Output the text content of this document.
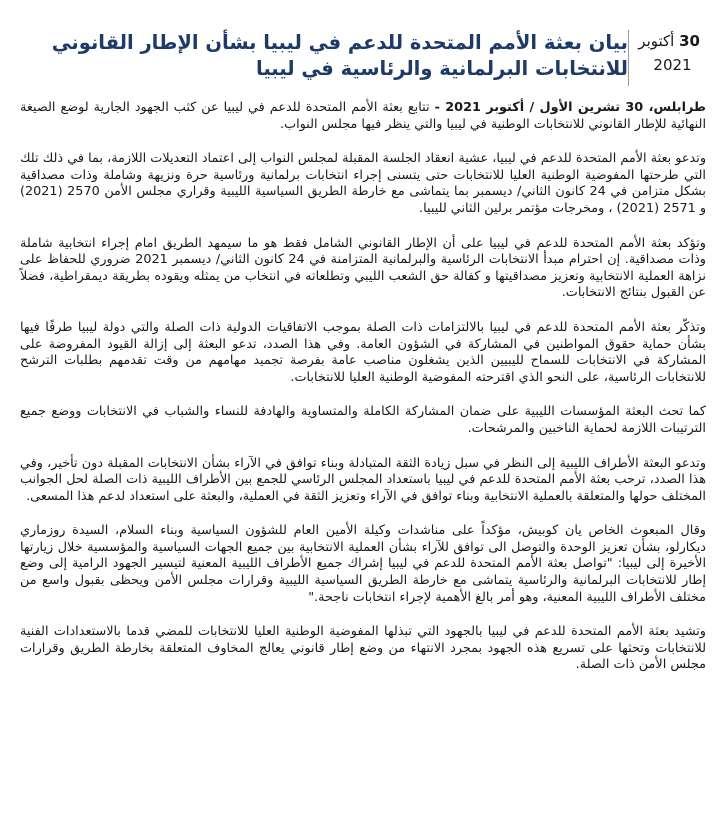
30 أكتوبر
2021
بيان بعثة الأمم المتحدة للدعم في ليبيا بشأن الإطار القانوني للانتخابات البرلمانية والرئاسية في ليبيا

طرابلس، 30 تشرين الأول / أكتوبر 2021 - تتابع بعثة الأمم المتحدة للدعم في ليبيا عن كثب الجهود الجارية لوضع الصيغة النهائية للإطار القانوني للانتخابات الوطنية في ليبيا والتي ينظر فيها مجلس النواب.

وتدعو بعثة الأمم المتحدة للدعم في ليبيا، عشية انعقاد الجلسة المقبلة لمجلس النواب إلى اعتماد التعديلات اللازمة، بما في ذلك تلك التي طرحتها المفوضية الوطنية العليا للانتخابات حتى يتسنى إجراء انتخابات برلمانية ورئاسية حرة ونزيهة وشاملة وذات مصداقية بشكل متزامن في 24 كانون الثاني/ ديسمبر بما يتماشى مع خارطة الطريق السياسية الليبية وقراري مجلس الأمن 2570 (2021) و 2571 (2021) ، ومخرجات مؤتمر برلين الثاني لليبيا.

وتؤكد بعثة الأمم المتحدة للدعم في ليبيا على أن الإطار القانوني الشامل فقط هو ما سيمهد الطريق امام إجراء انتخابية شاملة وذات مصداقية. إن احترام مبدأ الانتخابات الرئاسية والبرلمانية المتزامنة في 24 كانون الثاني/ ديسمبر 2021 ضروري للحفاظ على نزاهة العملية الانتخابية وتعزيز مصداقيتها و كفالة حق الشعب الليبي وتطلعاته في انتخاب من يمثله ويقوده بطريقة ديمقراطية، فضلاً عن القبول بنتائج الانتخابات.

وتذكّر بعثة الأمم المتحدة للدعم في ليبيا بالالتزامات ذات الصلة بموجب الاتفاقيات الدولية ذات الصلة والتي دولة ليبيا طرفًا فيها بشأن حماية حقوق المواطنين في المشاركة في الشؤون العامة. وفي هذا الصدد، تدعو البعثة إلى إزالة القيود المفروضة على المشاركة في الانتخابات للسماح لليبيين الذين يشغلون مناصب عامة بفرصة تجميد مهامهم من وقت تقدمهم بطلبات الترشح للانتخابات الرئاسية، على النحو الذي اقترحته المفوضية الوطنية العليا للانتخابات.

كما تحث البعثة المؤسسات الليبية على ضمان المشاركة الكاملة والمتساوية والهادفة للنساء والشباب في الانتخابات ووضع جميع الترتيبات اللازمة لحماية الناخبين والمرشحات.

وتدعو البعثة الأطراف الليبية إلى النظر في سبل زيادة الثقة المتبادلة وبناء توافق في الآراء بشأن الانتخابات المقبلة دون تأخير، وفي هذا الصدد، ترحب بعثة الأمم المتحدة للدعم في ليبيا باستعداد المجلس الرئاسي للجمع بين الأطراف الليبية ذات الصلة لحل الجوانب المختلف حولها والمتعلقة بالعملية الانتخابية وبناء توافق في الآراء وتعزيز الثقة في العملية، والبعثة على استعداد لدعم هذا المسعى.

وقال المبعوث الخاص يان كوبيش، مؤكداً على مناشدات وكيلة الأمين العام للشؤون السياسية وبناء السلام، السيدة روزماري ديكارلو، بشأن تعزيز الوحدة والتوصل الى توافق للآراء بشأن العملية الانتخابية بين جميع الجهات السياسية والمؤسسية خلال زيارتها الأخيرة إلى ليبيا: "تواصل بعثة الأمم المتحدة للدعم في ليبيا إشراك جميع الأطراف الليبية المعنية لتيسير الجهود الرامية إلى وضع إطار للانتخابات البرلمانية والرئاسية يتماشى مع خارطة الطريق السياسية الليبية وقرارات مجلس الأمن ويحظى بقبول واسع من مختلف الأطراف الليبية المعنية، وهو أمر بالغ الأهمية لإجراء انتخابات ناجحة."

وتشيد بعثة الأمم المتحدة للدعم في ليبيا بالجهود التي تبذلها المفوضية الوطنية العليا للانتخابات للمضي قدما بالاستعدادات الفنية للانتخابات وتحثها على تسريع هذه الجهود بمجرد الانتهاء من وضع إطار قانوني يعالج المخاوف المتعلقة بخارطة الطريق وقرارات مجلس الأمن ذات الصلة.
